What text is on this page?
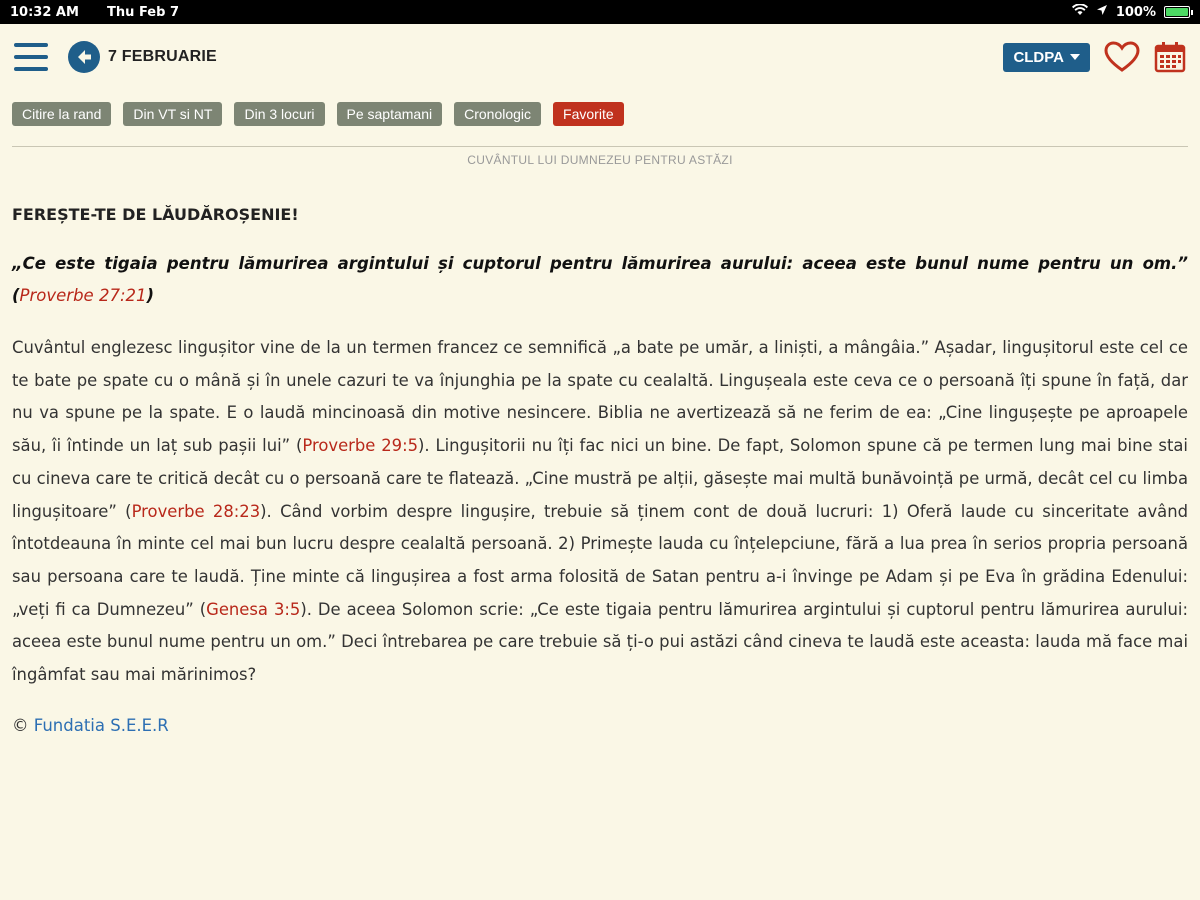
10:32 AM Thu Feb 7	100%
7 FEBRUARIE	CLDPA
Citire la rand	Din VT si NT	Din 3 locuri	Pe saptamani	Cronologic	Favorite
CUVÂNTUL LUI DUMNEZEU PENTRU ASTĂZI
FEREȘTE-TE DE LĂUDĂROȘENIE!
„Ce este tigaia pentru lămurirea argintului și cuptorul pentru lămurirea aurului: aceea este bunul nume pentru un om.” (Proverbe 27:21)
Cuvântul englezesc lingușitor vine de la un termen francez ce semnifică „a bate pe umăr, a liniști, a mângâia.” Așadar, lingușitorul este cel ce te bate pe spate cu o mână și în unele cazuri te va înjunghia pe la spate cu cealaltă. Lingușeala este ceva ce o persoană îți spune în față, dar nu va spune pe la spate. E o laudă mincinoasă din motive nesincere. Biblia ne avertizează să ne ferim de ea: „Cine lingușește pe aproapele său, îi întinde un laț sub pașii lui” (Proverbe 29:5). Lingușitorii nu îți fac nici un bine. De fapt, Solomon spune că pe termen lung mai bine stai cu cineva care te critică decât cu o persoană care te flatează. „Cine mustră pe alții, găsește mai multă bunăvoință pe urmă, decât cel cu limba lingușitoare” (Proverbe 28:23). Când vorbim despre lingușire, trebuie să ținem cont de două lucruri: 1) Oferă laude cu sinceritate având întotdeauna în minte cel mai bun lucru despre cealaltă persoană. 2) Primește lauda cu înțelepciune, fără a lua prea în serios propria persoană sau persoana care te laudă. Ține minte că lingușirea a fost arma folosită de Satan pentru a-i învinge pe Adam și pe Eva în grădina Edenului: „veți fi ca Dumnezeu” (Genesa 3:5). De aceea Solomon scrie: „Ce este tigaia pentru lămurirea argintului și cuptorul pentru lămurirea aurului: aceea este bunul nume pentru un om.” Deci întrebarea pe care trebuie să ți-o pui astăzi când cineva te laudă este aceasta: lauda mă face mai îngâmfat sau mai mărinimos?
© Fundatia S.E.E.R
